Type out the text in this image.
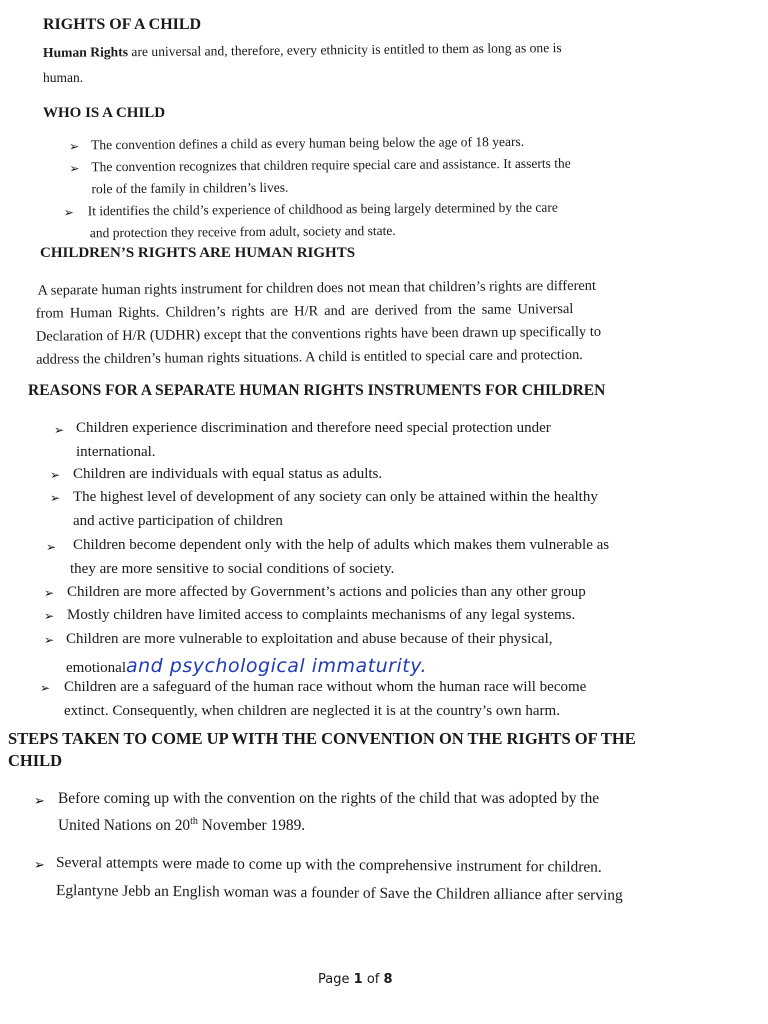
RIGHTS OF A CHILD
Human Rights are universal and, therefore, every ethnicity is entitled to them as long as one is
human.
WHO IS A CHILD
➢ The convention defines a child as every human being below the age of 18 years.
➢ The convention recognizes that children require special care and assistance. It asserts the
role of the family in children’s lives.
➢ It identifies the child’s experience of childhood as being largely determined by the care
and protection they receive from adult, society and state.
CHILDREN’S RIGHTS ARE HUMAN RIGHTS
A separate human rights instrument for children does not mean that children’s rights are different
from Human Rights. Children’s rights are H/R and are derived from the same Universal
Declaration of H/R (UDHR) except that the conventions rights have been drawn up specifically to
address the children’s human rights situations. A child is entitled to special care and protection.
REASONS FOR A SEPARATE HUMAN RIGHTS INSTRUMENTS FOR CHILDREN
➢ Children experience discrimination and therefore need special protection under
international.
➢ Children are individuals with equal status as adults.
➢ The highest level of development of any society can only be attained within the healthy
and active participation of children
➢ Children become dependent only with the help of adults which makes them vulnerable as
they are more sensitive to social conditions of society.
➢ Children are more affected by Government’s actions and policies than any other group
➢ Mostly children have limited access to complaints mechanisms of any legal systems.
➢ Children are more vulnerable to exploitation and abuse because of their physical,
emotionaland psychological immaturity.
➢ Children are a safeguard of the human race without whom the human race will become
extinct. Consequently, when children are neglected it is at the country’s own harm.
STEPS TAKEN TO COME UP WITH THE CONVENTION ON THE RIGHTS OF THE
CHILD
➢ Before coming up with the convention on the rights of the child that was adopted by the
United Nations on 20th November 1989.
➢ Several attempts were made to come up with the comprehensive instrument for children.
Eglantyne Jebb an English woman was a founder of Save the Children alliance after serving
Page 1 of 8
